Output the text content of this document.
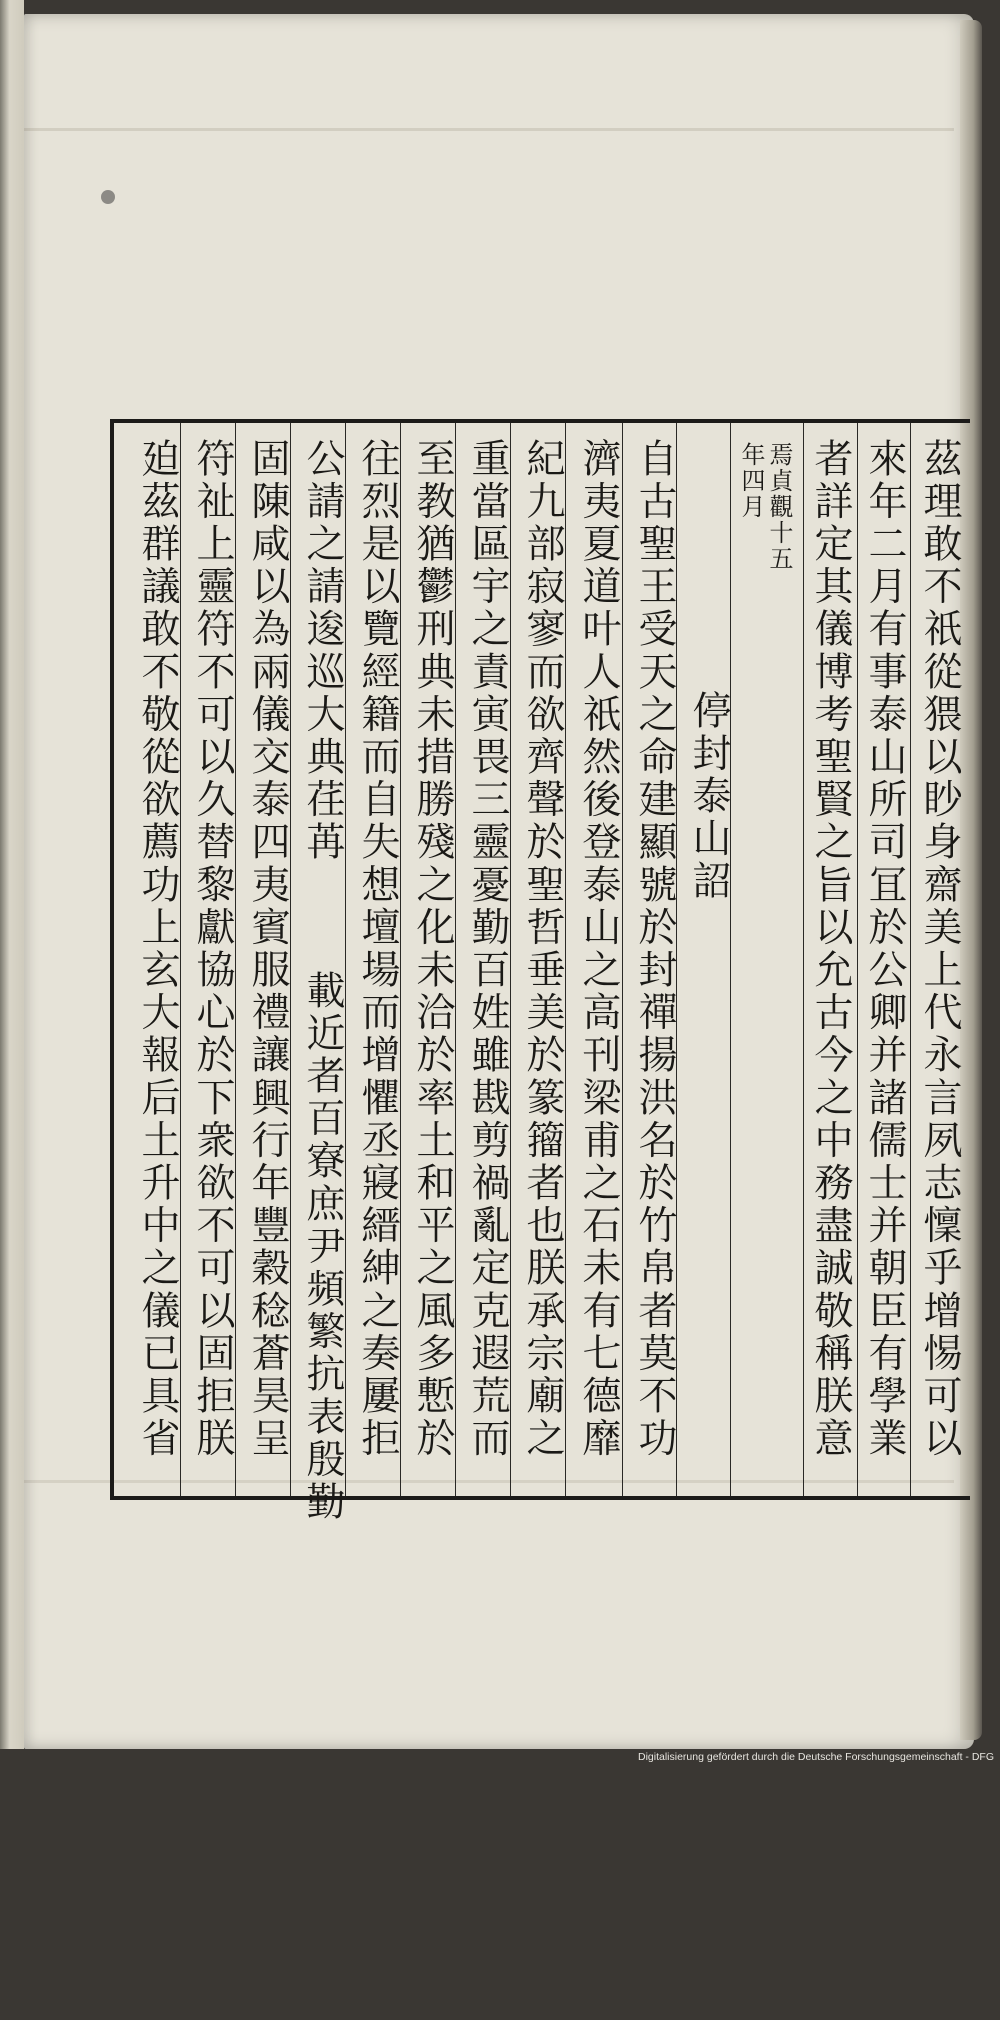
茲理敢不祇從猥以眇身齋美上代永言夙志懍乎增惕可以
來年二月有事泰山所司冝於公卿并諸儒士并朝臣有學業
者詳定其儀博考聖賢之旨以允古今之中務盡誠敬稱朕意
焉貞觀十五
年四月
停封泰山詔
自古聖王受天之命建顯號於封禪揚洪名於竹帛者莫不功
濟夷夏道叶人祇然後登泰山之高刊梁甫之石未有七德靡
紀九部寂寥而欲齊聲於聖哲垂美於篆籀者也朕承宗廟之
重當區宇之責寅畏三靈憂勤百姓雖戡剪禍亂定克遐荒而
至教猶鬱刑典未措勝殘之化未洽於率土和平之風多慙於
往烈是以覽經籍而自失想壇場而增懼丞寢縉紳之奏屢拒
公請之請逡巡大典荏苒
載近者百寮庶尹頻繁抗表殷勤
固陳咸以為兩儀交泰四夷賓服禮讓興行年豐穀稔蒼昊呈
符祉上靈符不可以久替黎獻協心於下衆欲不可以固拒朕
廹茲群議敢不敬從欲薦功上玄大報后土升中之儀已具省
Digitalisierung gefördert durch die Deutsche Forschungsgemeinschaft - DFG
